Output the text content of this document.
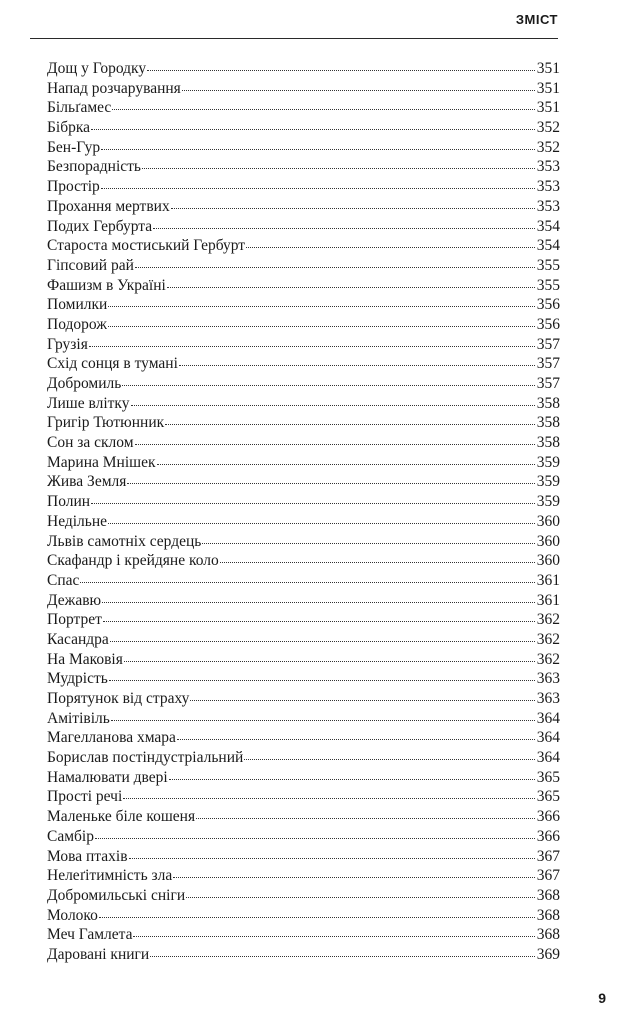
ЗМІСТ
Дощ у Городку	351
Напад розчарування	351
Більґамес	351
Бібрка	352
Бен-Гур	352
Безпорадність	353
Простір	353
Прохання мертвих	353
Подих Гербурта	354
Староста мостиський Гербурт	354
Гіпсовий рай	355
Фашизм в Україні	355
Помилки	356
Подорож	356
Грузія	357
Схід сонця в тумані	357
Добромиль	357
Лише влітку	358
Григір Тютюнник	358
Сон за склом	358
Марина Мнішек	359
Жива Земля	359
Полин	359
Недільне	360
Львів самотніх сердець	360
Скафандр і крейдяне коло	360
Спас	361
Дежавю	361
Портрет	362
Касандра	362
На Маковія	362
Мудрість	363
Порятунок від страху	363
Амітівіль	364
Магелланова хмара	364
Борислав постіндустріальний	364
Намалювати двері	365
Прості речі	365
Маленьке біле кошеня	366
Самбір	366
Мова птахів	367
Нелеґітимність зла	367
Добромильські сніги	368
Молоко	368
Меч Гамлета	368
Даровані книги	369
9
